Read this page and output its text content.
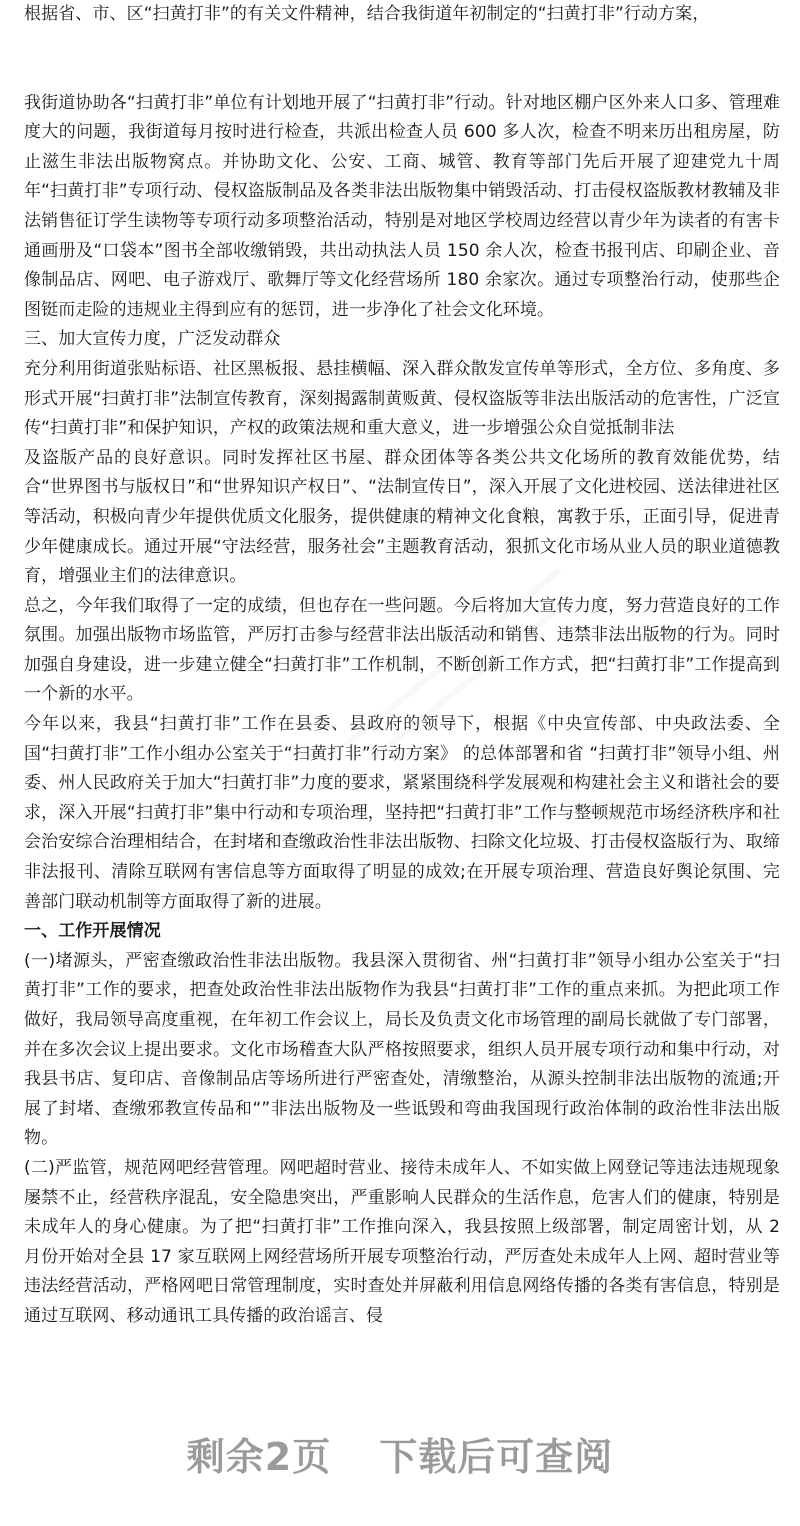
根据省、市、区“扫黄打非”的有关文件精神，结合我街道年初制定的“扫黄打非”行动方案，

我街道协助各“扫黄打非”单位有计划地开展了“扫黄打非”行动。针对地区棚户区外来人口多、管理难度大的问题，我街道每月按时进行检查，共派出检查人员 600 多人次，检查不明来历出租房屋，防止滋生非法出版物窝点。并协助文化、公安、工商、城管、教育等部门先后开展了迎建党九十周年“扫黄打非”专项行动、侵权盗版制品及各类非法出版物集中销毁活动、打击侵权盗版教材教辅及非法销售征订学生读物等专项行动多项整治活动，特别是对地区学校周边经营以青少年为读者的有害卡通画册及“口袋本”图书全部收缴销毁，共出动执法人员 150 余人次，检查书报刊店、印刷企业、音像制品店、网吧、电子游戏厅、歌舞厅等文化经营场所 180 余家次。通过专项整治行动，使那些企图铤而走险的违规业主得到应有的惩罚，进一步净化了社会文化环境。

三、加大宣传力度，广泛发动群众

充分利用街道张贴标语、社区黑板报、悬挂横幅、深入群众散发宣传单等形式，全方位、多角度、多形式开展“扫黄打非”法制宣传教育，深刻揭露制黄贩黄、侵权盗版等非法出版活动的危害性，广泛宣传“扫黄打非”和保护知识，产权的政策法规和重大意义，进一步增强公众自觉抵制非法

及盗版产品的良好意识。同时发挥社区书屋、群众团体等各类公共文化场所的教育效能优势，结合“世界图书与版权日”和“世界知识产权日”、“法制宣传日”，深入开展了文化进校园、送法律进社区等活动，积极向青少年提供优质文化服务，提供健康的精神文化食粮，寓教于乐，正面引导，促进青少年健康成长。通过开展“守法经营，服务社会”主题教育活动，狠抓文化市场从业人员的职业道德教育，增强业主们的法律意识。

总之，今年我们取得了一定的成绩，但也存在一些问题。今后将加大宣传力度，努力营造良好的工作氛围。加强出版物市场监管，严厉打击参与经营非法出版活动和销售、违禁非法出版物的行为。同时加强自身建设，进一步建立健全“扫黄打非”工作机制，不断创新工作方式，把“扫黄打非”工作提高到一个新的水平。

今年以来，我县“扫黄打非”工作在县委、县政府的领导下，根据《中央宣传部、中央政法委、全国“扫黄打非”工作小组办公室关于“扫黄打非”行动方案》 的总体部署和省 “扫黄打非”领导小组、州委、州人民政府关于加大“扫黄打非”力度的要求，紧紧围绕科学发展观和构建社会主义和谐社会的要求，深入开展“扫黄打非”集中行动和专项治理，坚持把“扫黄打非”工作与整顿规范市场经济秩序和社会治安综合治理相结合，在封堵和查缴政治性非法出版物、扫除文化垃圾、打击侵权盗版行为、取缔非法报刊、清除互联网有害信息等方面取得了明显的成效;在开展专项治理、营造良好舆论氛围、完善部门联动机制等方面取得了新的进展。

一、工作开展情况

(一)堵源头，严密查缴政治性非法出版物。我县深入贯彻省、州“扫黄打非”领导小组办公室关于“扫黄打非”工作的要求，把查处政治性非法出版物作为我县“扫黄打非”工作的重点来抓。为把此项工作做好，我局领导高度重视，在年初工作会议上，局长及负责文化市场管理的副局长就做了专门部署，并在多次会议上提出要求。文化市场稽查大队严格按照要求，组织人员开展专项行动和集中行动，对我县书店、复印店、音像制品店等场所进行严密查处，清缴整治，从源头控制非法出版物的流通;开展了封堵、查缴邪教宣传品和“”非法出版物及一些诋毁和弯曲我国现行政治体制的政治性非法出版物。

(二)严监管，规范网吧经营管理。网吧超时营业、接待未成年人、不如实做上网登记等违法违规现象屡禁不止，经营秩序混乱，安全隐患突出，严重影响人民群众的生活作息，危害人们的健康，特别是未成年人的身心健康。为了把“扫黄打非”工作推向深入，我县按照上级部署，制定周密计划，从 2 月份开始对全县 17 家互联网上网经营场所开展专项整治行动，严厉查处未成年人上网、超时营业等违法经营活动，严格网吧日常管理制度，实时查处并屏蔽利用信息网络传播的各类有害信息，特别是通过互联网、移动通讯工具传播的政治谣言、侵

剩余2页 下载后可查阅
